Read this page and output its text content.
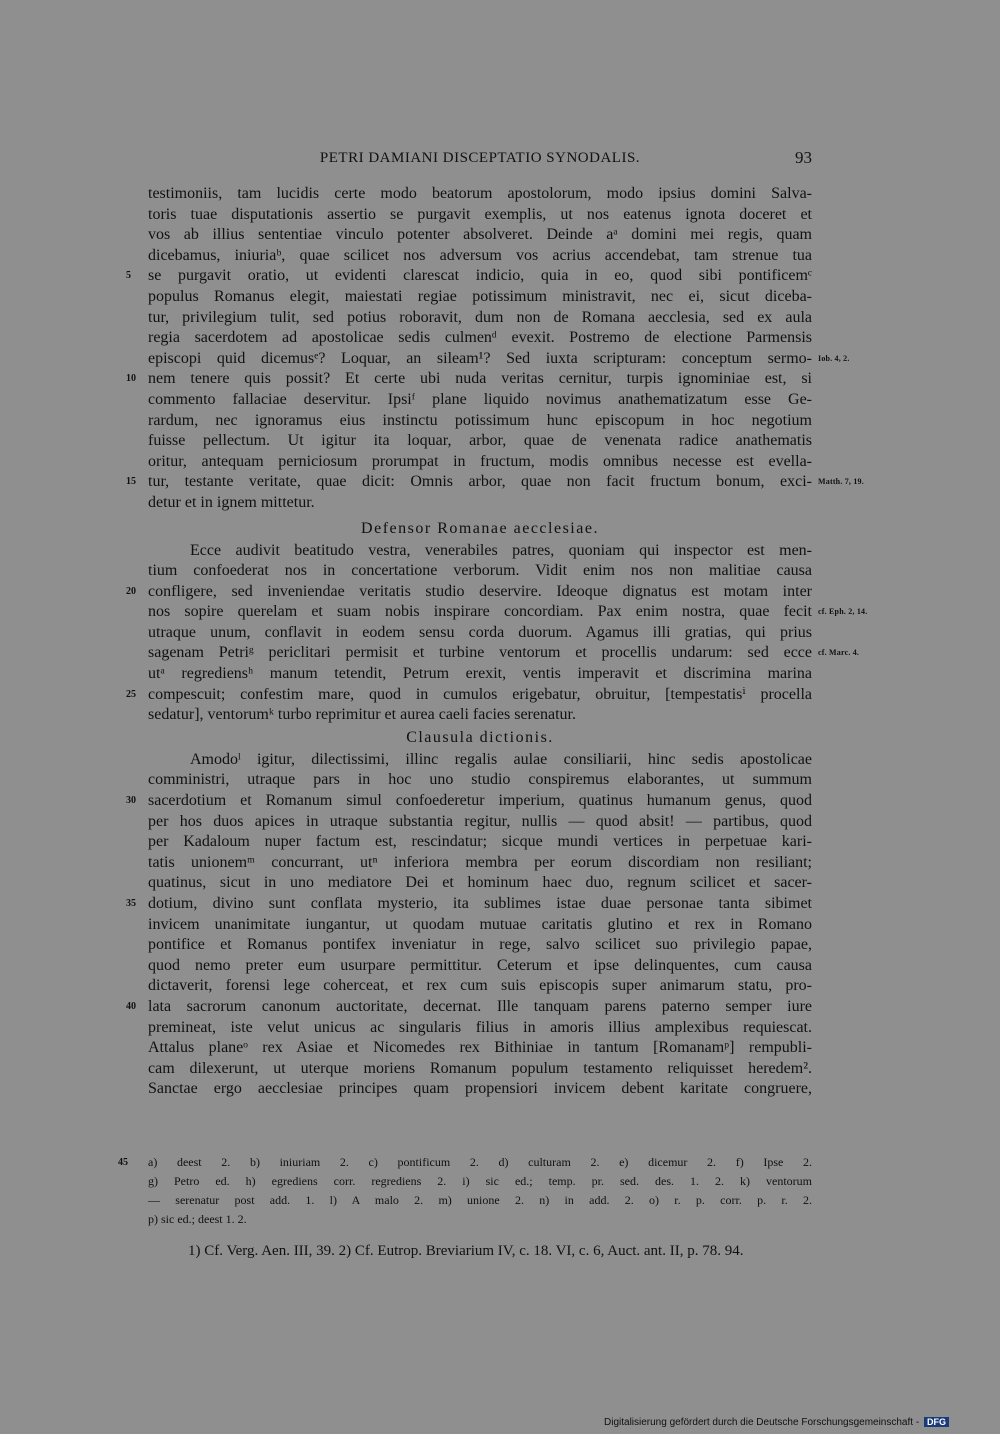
PETRI DAMIANI DISCEPTATIO SYNODALIS.	93
testimoniis, tam lucidis certe modo beatorum apostolorum, modo ipsius domini Salva-
toris tuae disputationis assertio se purgavit exemplis, ut nos eatenus ignota doceret et
vos ab illius sententiae vinculo potenter absolveret. Deinde aᵃ domini mei regis, quam
dicebamus, iniuriaᵇ, quae scilicet nos adversum vos acrius accendebat, tam strenue tua
5	se purgavit oratio, ut evidenti clarescat indicio, quia in eo, quod sibi pontificemᶜ
populus Romanus elegit, maiestati regiae potissimum ministravit, nec ei, sicut diceba-
tur, privilegium tulit, sed potius roboravit, dum non de Romana aecclesia, sed ex aula
regia sacerdotem ad apostolicae sedis culmenᵈ evexit. Postremo de electione Parmensis
episcopi quid dicemusᵉ? Loquar, an sileam¹? Sed iuxta scripturam: conceptum sermo- Iob. 4, 2.
10 nem tenere quis possit? Et certe ubi nuda veritas cernitur, turpis ignominiae est, si
commento fallaciae deservitur. Ipsiᶠ plane liquido novimus anathematizatum esse Ge-
rardum, nec ignoramus eius instinctu potissimum hunc episcopum in hoc negotium
fuisse pellectum. Ut igitur ita loquar, arbor, quae de venenata radice anathematis
oritur, antequam perniciosum prorumpat in fructum, modis omnibus necesse est evella-
15 tur, testante veritate, quae dicit: Omnis arbor, quae non facit fructum bonum, exci- Matth. 7, 19.
detur et in ignem mittetur.
Defensor Romanae aecclesiae.
Ecce audivit beatitudo vestra, venerabiles patres, quoniam qui inspector est men-
tium confoederat nos in concertatione verborum. Vidit enim nos non malitiae causa
20 confligere, sed inveniendae veritatis studio deservire. Ideoque dignatus est motam inter
nos sopire querelam et suam nobis inspirare concordiam. Pax enim nostra, quae fecit cf. Eph. 2, 14.
utraque unum, conflavit in eodem sensu corda duorum. Agamus illi gratias, qui prius
sagenam Petriᵍ periclitari permisit et turbine ventorum et procellis undarum: sed ecce cf. Marc. 4.
utᵃ regrediensʰ manum tetendit, Petrum erexit, ventis imperavit et discrimina marina
25 compescuit; confestim mare, quod in cumulos erigebatur, obruitur, [tempestatisⁱ procella
sedatur], ventorumᵏ turbo reprimitur et aurea caeli facies serenatur.
Clausula dictionis.
Amodoˡ igitur, dilectissimi, illinc regalis aulae consiliarii, hinc sedis apostolicae
comministri, utraque pars in hoc uno studio conspiremus elaborantes, ut summum
30 sacerdotium et Romanum simul confoederetur imperium, quatinus humanum genus, quod
per hos duos apices in utraque substantia regitur, nullis — quod absit! — partibus, quod
per Kadaloum nuper factum est, rescindatur; sicque mundi vertices in perpetuae kari-
tatis unionemᵐ concurrant, utⁿ inferiora membra per eorum discordiam non resiliant;
quatinus, sicut in uno mediatore Dei et hominum haec duo, regnum scilicet et sacer-
35 dotium, divino sunt conflata mysterio, ita sublimes istae duae personae tanta sibimet
invicem unanimitate iungantur, ut quodam mutuae caritatis glutino et rex in Romano
pontifice et Romanus pontifex inveniatur in rege, salvo scilicet suo privilegio papae,
quod nemo preter eum usurpare permittitur. Ceterum et ipse delinquentes, cum causa
dictaverit, forensi lege coherceat, et rex cum suis episcopis super animarum statu, pro-
40 lata sacrorum canonum auctoritate, decernat. Ille tanquam parens paterno semper iure
premineat, iste velut unicus ac singularis filius in amoris illius amplexibus requiescat.
Attalus planeᵒ rex Asiae et Nicomedes rex Bithiniae in tantum [Romanamᵖ] rempubli-
cam dilexerunt, ut uterque moriens Romanum populum testamento reliquisset heredem².
Sanctae ergo aecclesiae principes quam propensiori invicem debent karitate congruere,
45	a) deest 2. b) iniuriam 2. c) pontificum 2. d) culturam 2. e) dicemur 2. f) Ipse 2.
g) Petro ed. h) egrediens corr. regrediens 2. i) sic ed.; temp. pr. sed. des. 1. 2. k) ventorum
— serenatur post add. 1. l) A malo 2. m) unione 2. n) in add. 2. o) r. p. corr. p. r. 2.
p) sic ed.; deest 1. 2.
1) Cf. Verg. Aen. III, 39. 2) Cf. Eutrop. Breviarium IV, c. 18. VI, c. 6, Auct. ant. II, p. 78. 94.
Digitalisierung gefördert durch die Deutsche Forschungsgemeinschaft - DFG
